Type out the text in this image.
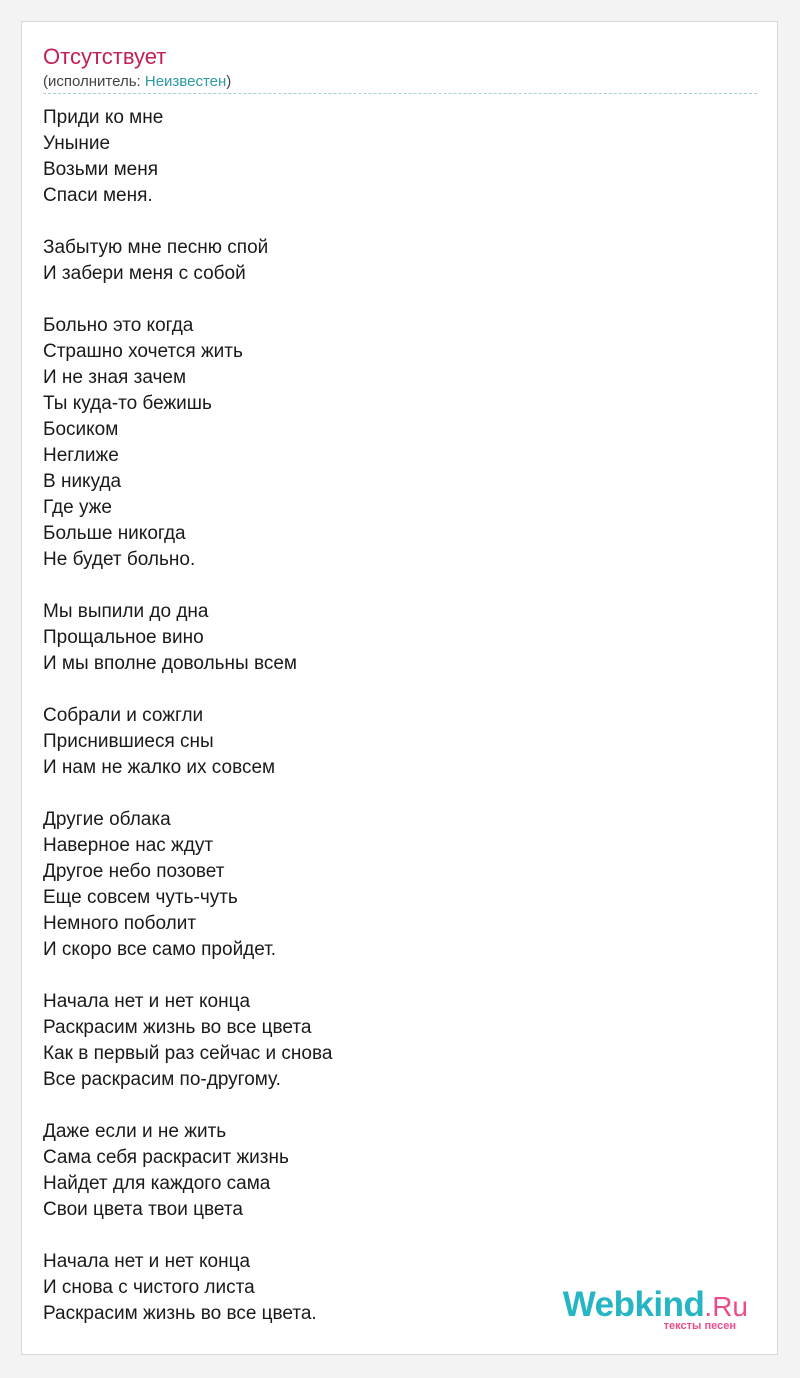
Отсутствует
(исполнитель: Неизвестен)
Приди ко мне
Уныние
Возьми меня
Спаси меня.

Забытую мне песню спой
И забери меня с собой

Больно это когда
Страшно хочется жить
И не зная зачем
Ты куда-то бежишь
Босиком
Неглиже
В никуда
Где уже
Больше никогда
Не будет больно.

Мы выпили до дна
Прощальное вино
И мы вполне довольны всем

Собрали и сожгли
Приснившиеся сны
И нам не жалко их совсем

Другие облака
Наверное нас ждут
Другое небо позовет
Еще совсем чуть-чуть
Немного поболит
И скоро все само пройдет.

Начала нет и нет конца
Раскрасим жизнь во все цвета
Как в первый раз сейчас и снова
Все раскрасим по-другому.

Даже если и не жить
Сама себя раскрасит жизнь
Найдет для каждого сама
Свои цвета твои цвета

Начала нет и нет конца
И снова с чистого листа
Раскрасим жизнь во все цвета.	Webkind.Ru
тексты песен
